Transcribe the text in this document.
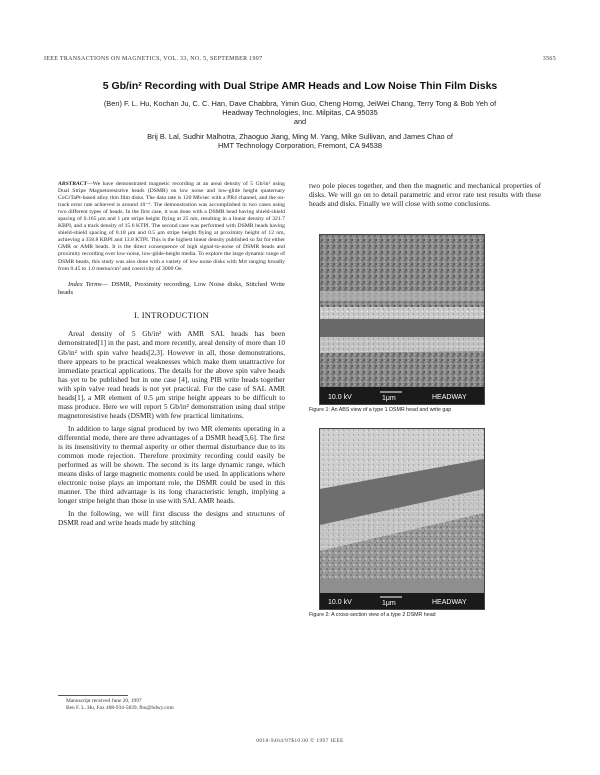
IEEE TRANSACTIONS ON MAGNETICS, VOL. 33, NO. 5, SEPTEMBER 1997	3565
5 Gb/in² Recording with Dual Stripe AMR Heads and Low Noise Thin Film Disks
(Ben) F. L. Hu, Kochan Ju, C. C. Han, Dave Chabbra, Yimin Guo, Cheng Horng, JeiWei Chang, Terry Tong & Bob Yeh of
Headway Technologies, Inc. Milpitas, CA 95035
and
Brij B. Lal, Sudhir Malhotra, Zhaoguo Jiang, Ming M. Yang, Mike Sullivan, and James Chao of
HMT Technology Corporation, Fremont, CA 94538

ABSTRACT—We have demonstrated magnetic recording at an areal density of 5 Gb/in² using Dual Stripe Magnetoresistive heads (DSMR) on low noise and low-glide height quaternary CoCrTaPt-based alloy thin film disks. The data rate is 120 Mb/sec with a PR4 channel, and the on-track error rate achieved is around 10⁻⁹. The demonstration was accomplished in two cases using two different types of heads. In the first case, it was done with a DSMR head having shield-shield spacing of 0.165 μm and 1 μm stripe height flying at 25 nm, resulting in a linear density of 321.7 KBPI, and a track density of 15.6 KTPI. The second case was performed with DSMR heads having shield-shield spacing of 0.18 μm and 0.5 μm stripe height flying at proximity height of 12 nm, achieving a 358.8 KBPI and 13.8 KTPI. This is the highest linear density published so far for either GMR or AMR heads. It is the direct consequence of high signal-to-noise of DSMR heads and proximity recording over low-noise, low-glide-height media. To explore the large dynamic range of DSMR heads, this study was also done with a variety of low noise disks with Mrt ranging broadly from 0.45 to 1.0 memu/cm² and coercivity of 3000 Oe.

Index Terms— DSMR, Proximity recording, Low Noise disks, Stitched Write heads

I. INTRODUCTION

Areal density of 5 Gb/in² with AMR SAL heads has been demonstrated[1] in the past, and more recently, areal density of more than 10 Gb/in² with spin valve heads[2,3]. However in all, those demonstrations, there appears to be practical weaknesses which make them unattractive for immediate practical applications. The details for the above spin valve heads has yet to be published but in one case [4], using PIB write heads together with spin valve read heads is not yet practical. For the case of SAL AMR heads[1], a MR element of 0.5 μm stripe height appears to be difficult to mass produce. Here we will report 5 Gb/in² demonstration using dual stripe magnetoresistive heads (DSMR) with few practical limitations.

In addition to large signal produced by two MR elements operating in a differential mode, there are three advantages of a DSMR head[5,6]. The first is its insensitivity to thermal asperity or other thermal disturbance due to its common mode rejection. Therefore proximity recording could easily be performed as will be shown. The second is its large dynamic range, which means disks of large magnetic moments could be used. In applications where electronic noise plays an important role, the DSMR could be used in this manner. The third advantage is its long characteristic length, implying a longer stripe height than those in use with SAL AMR heads.

In the following, we will first discuss the designs and structures of DSMR read and write heads made by stitching

two pole pieces together, and then the magnetic and mechanical properties of disks. We will go on to detail parametric and error rate test results with these heads and disks. Finally we will close with some conclusions.

10.0 kV	1μm	HEADWAY
Figure 1: An ABS view of a type 1 DSMR head and write gap
10.0 kV	1μm	HEADWAY
Figure 2: A cross-section view of a type 2 DSMR head
Manuscript received June 20, 1997
Ben F. L. Hu, Fax 408-934-5839, fhu@hdwy.com
0018-9464/97$10.00 © 1997 IEEE
